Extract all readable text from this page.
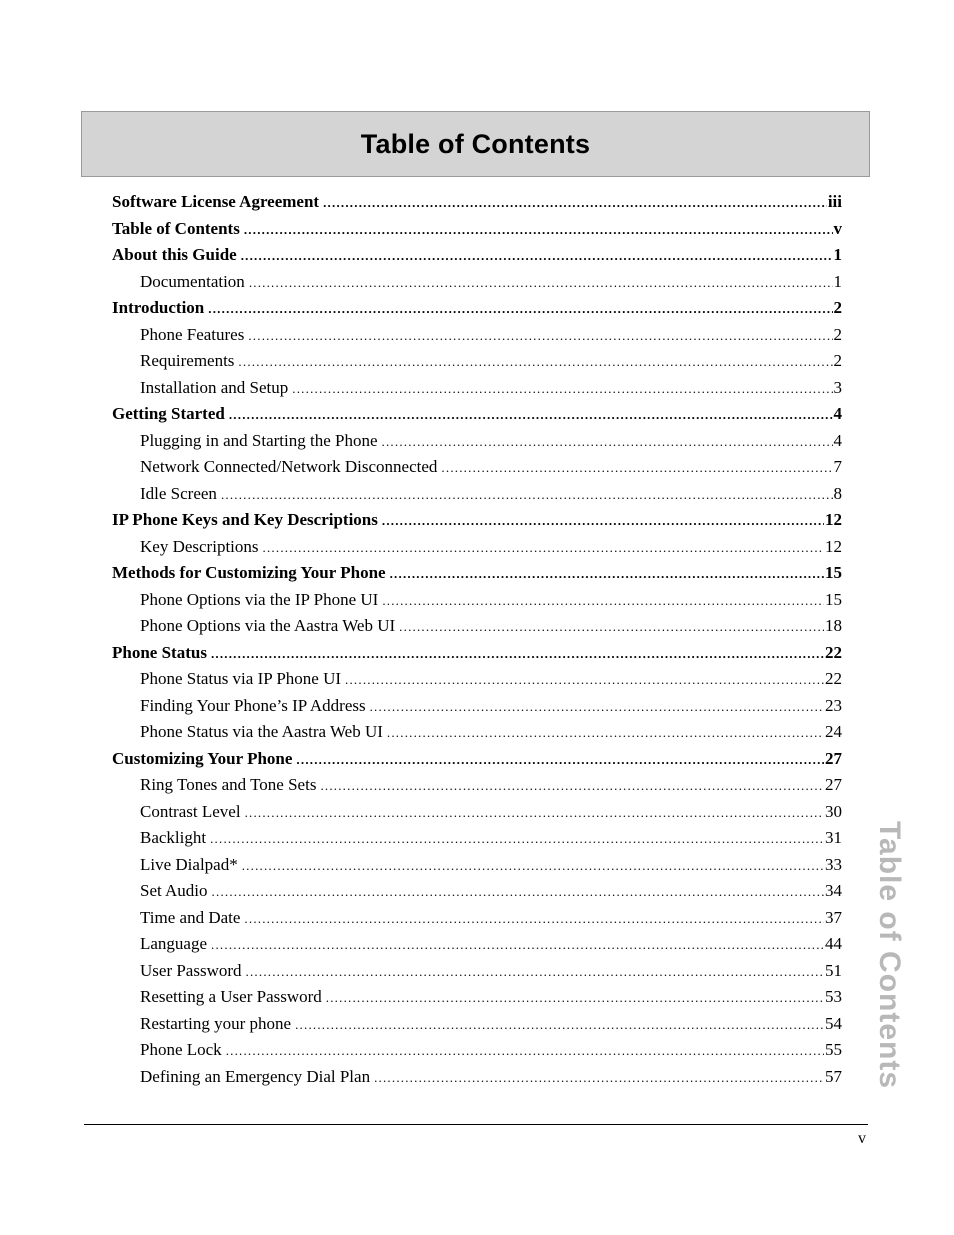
Table of Contents
Software License Agreement .....	iii
Table of Contents .....	v
About this Guide .....	1
Documentation .....	1
Introduction .....	2
Phone Features .....	2
Requirements .....	2
Installation and Setup .....	3
Getting Started .....	4
Plugging in and Starting the Phone .....	4
Network Connected/Network Disconnected .....	7
Idle Screen .....	8
IP Phone Keys and Key Descriptions .....	12
Key Descriptions .....	12
Methods for Customizing Your Phone .....	15
Phone Options via the IP Phone UI .....	15
Phone Options via the Aastra Web UI .....	18
Phone Status .....	22
Phone Status via IP Phone UI .....	22
Finding Your Phone’s IP Address .....	23
Phone Status via the Aastra Web UI .....	24
Customizing Your Phone .....	27
Ring Tones and Tone Sets .....	27
Contrast Level .....	30
Backlight .....	31
Live Dialpad* .....	33
Set Audio .....	34
Time and Date .....	37
Language .....	44
User Password .....	51
Resetting a User Password .....	53
Restarting your phone .....	54
Phone Lock .....	55
Defining an Emergency Dial Plan .....	57 Table of Contents
v
